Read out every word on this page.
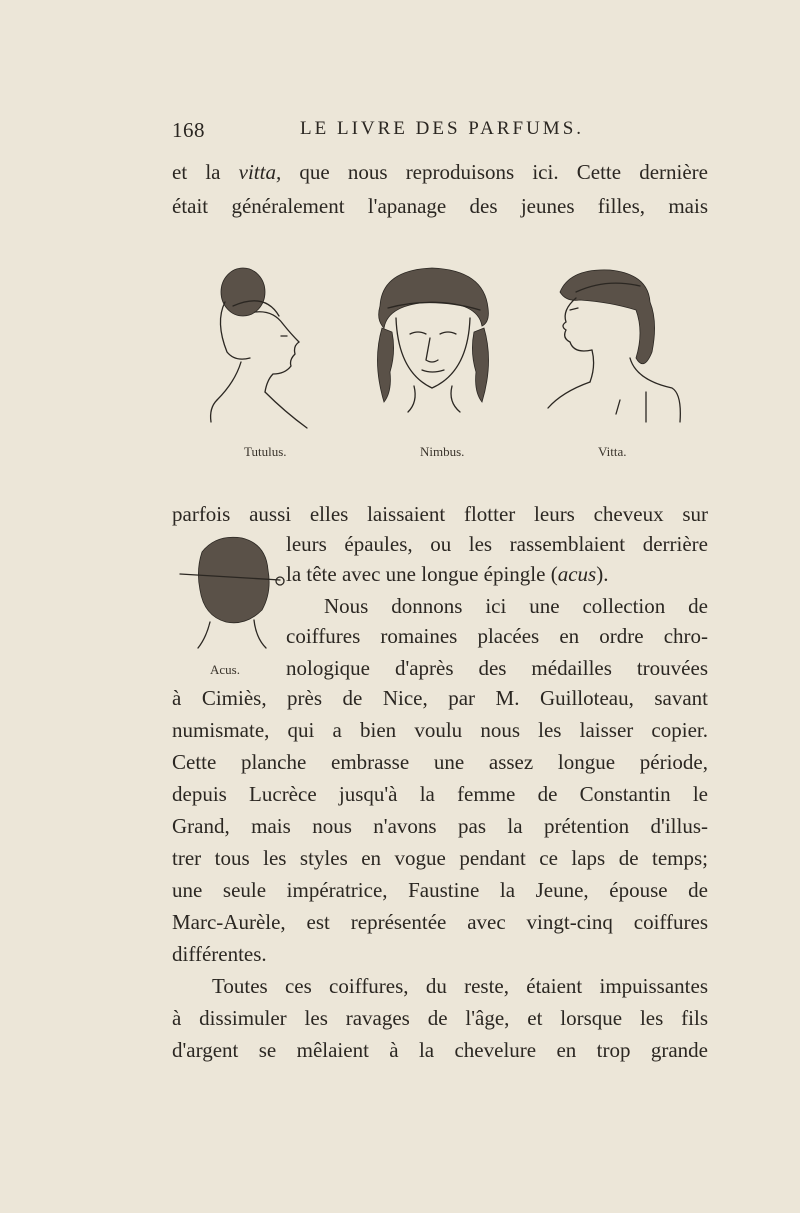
168	LE LIVRE DES PARFUMS.
et la vitta, que nous reproduisons ici. Cette dernière
était généralement l'apanage des jeunes filles, mais
Tutulus.	Nimbus.	Vitta.
Acus.
parfois aussi elles laissaient flotter leurs cheveux sur
leurs épaules, ou les rassemblaient derrière
la tête avec une longue épingle (acus).
Nous donnons ici une collection de
coiffures romaines placées en ordre chro-
nologique d'après des médailles trouvées
à Cimiès, près de Nice, par M. Guilloteau, savant
numismate, qui a bien voulu nous les laisser copier.
Cette planche embrasse une assez longue période,
depuis Lucrèce jusqu'à la femme de Constantin le
Grand, mais nous n'avons pas la prétention d'illus-
trer tous les styles en vogue pendant ce laps de temps;
une seule impératrice, Faustine la Jeune, épouse de
Marc-Aurèle, est représentée avec vingt-cinq coiffures
différentes.
Toutes ces coiffures, du reste, étaient impuissantes
à dissimuler les ravages de l'âge, et lorsque les fils
d'argent se mêlaient à la chevelure en trop grande
